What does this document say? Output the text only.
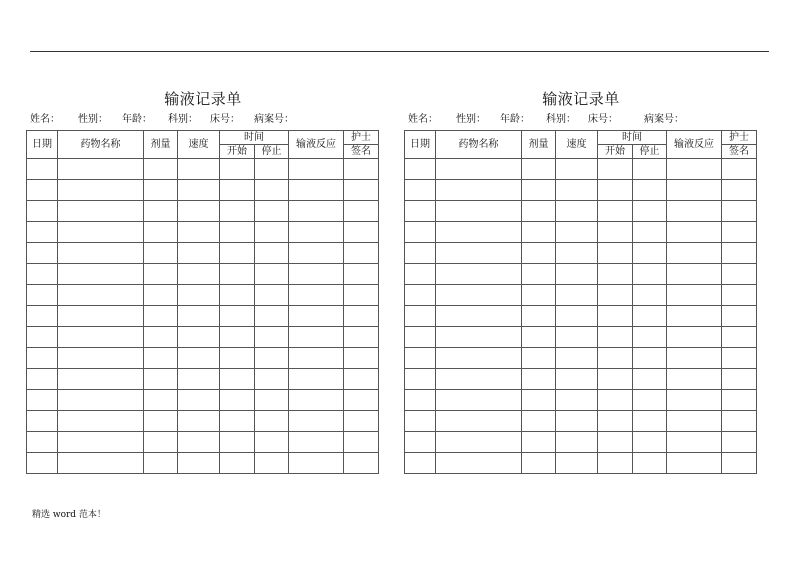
输液记录单
姓名： 性别： 年龄： 科别： 床号： 病案号：
日期	药物名称	剂量	速度	时间		输液反应	护士
				开始	停止		签名

输液记录单
姓名： 性别： 年龄： 科别： 床号：	病案号：
日期	药物名称	剂量	速度	时间		输液反应	护士
				开始	停止		签名

精选 word 范本！
